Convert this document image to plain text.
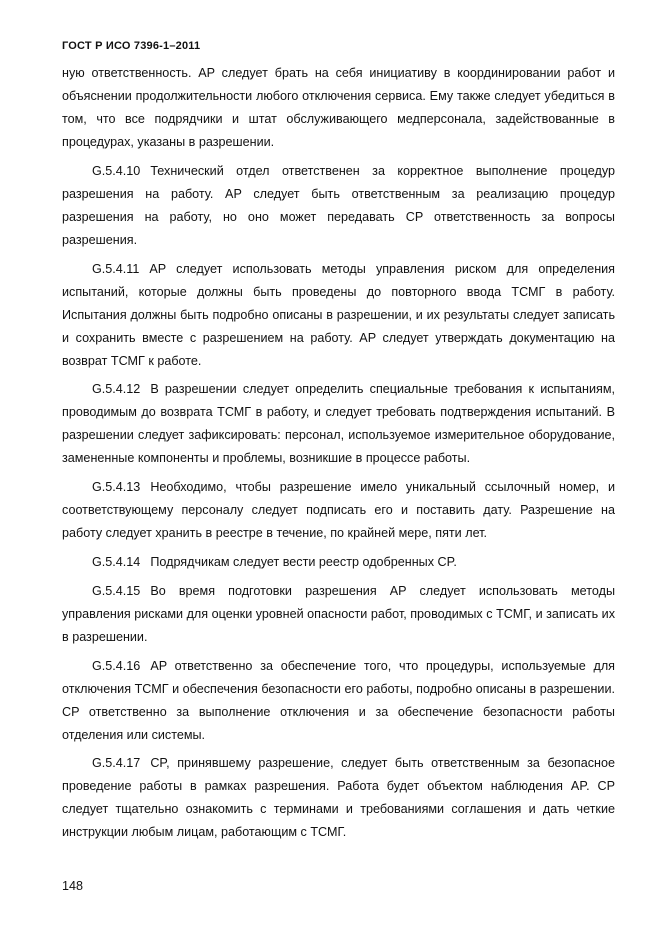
ГОСТ Р ИСО 7396-1–2011

ную ответственность. AP следует брать на себя инициативу в координировании работ и объяснении продолжительности любого отключения сервиса. Ему также следует убедиться в том, что все подрядчики и штат обслуживающего медперсонала, задействованные в процедурах, указаны в разрешении.

G.5.4.10 Технический отдел ответственен за корректное выполнение процедур разрешения на работу. AP следует быть ответственным за реализацию процедур разрешения на работу, но оно может передавать CP ответственность за вопросы разрешения.

G.5.4.11 AP следует использовать методы управления риском для определения испытаний, которые должны быть проведены до повторного ввода ТСМГ в работу. Испытания должны быть подробно описаны в разрешении, и их результаты следует записать и сохранить вместе с разрешением на работу. AP следует утверждать документацию на возврат ТСМГ к работе.

G.5.4.12 В разрешении следует определить специальные требования к испытаниям, проводимым до возврата ТСМГ в работу, и следует требовать подтверждения испытаний. В разрешении следует зафиксировать: персонал, используемое измерительное оборудование, замененные компоненты и проблемы, возникшие в процессе работы.

G.5.4.13 Необходимо, чтобы разрешение имело уникальный ссылочный номер, и соответствующему персоналу следует подписать его и поставить дату. Разрешение на работу следует хранить в реестре в течение, по крайней мере, пяти лет.

G.5.4.14 Подрядчикам следует вести реестр одобренных CP.

G.5.4.15 Во время подготовки разрешения AP следует использовать методы управления рисками для оценки уровней опасности работ, проводимых с ТСМГ, и записать их в разрешении.

G.5.4.16 AP ответственно за обеспечение того, что процедуры, используемые для отключения ТСМГ и обеспечения безопасности его работы, подробно описаны в разрешении. CP ответственно за выполнение отключения и за обеспечение безопасности работы отделения или системы.

G.5.4.17 CP, принявшему разрешение, следует быть ответственным за безопасное проведение работы в рамках разрешения. Работа будет объектом наблюдения AP. CP следует тщательно ознакомить с терминами и требованиями соглашения и дать четкие инструкции любым лицам, работающим с ТСМГ.

148
